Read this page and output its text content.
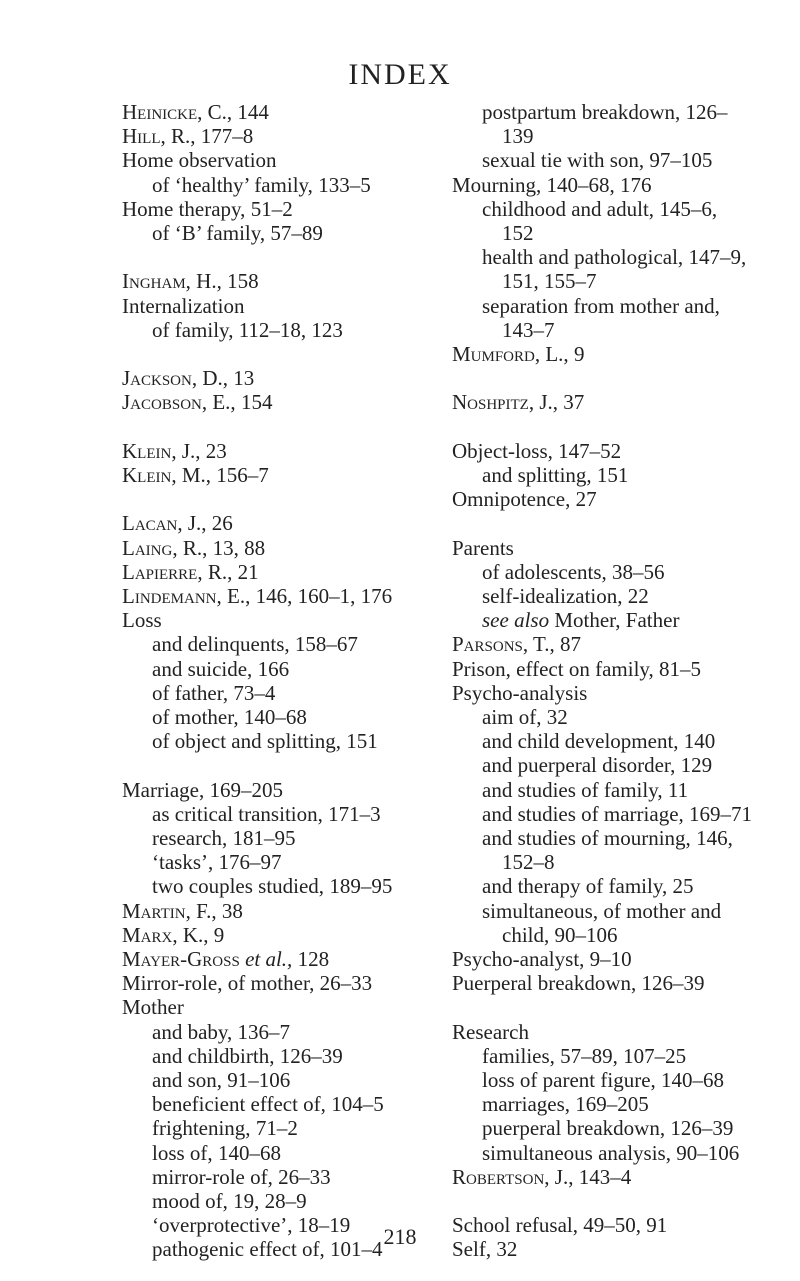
INDEX
Heinicke, C., 144
Hill, R., 177–8
Home observation
of ‘healthy’ family, 133–5
Home therapy, 51–2
of ‘B’ family, 57–89
Ingham, H., 158
Internalization
of family, 112–18, 123
Jackson, D., 13
Jacobson, E., 154
Klein, J., 23
Klein, M., 156–7
Lacan, J., 26
Laing, R., 13, 88
Lapierre, R., 21
Lindemann, E., 146, 160–1, 176
Loss
and delinquents, 158–67
and suicide, 166
of father, 73–4
of mother, 140–68
of object and splitting, 151
Marriage, 169–205
as critical transition, 171–3
research, 181–95
‘tasks’, 176–97
two couples studied, 189–95
Martin, F., 38
Marx, K., 9
Mayer-Gross et al., 128
Mirror-role, of mother, 26–33
Mother
and baby, 136–7
and childbirth, 126–39
and son, 91–106
beneficient effect of, 104–5
frightening, 71–2
loss of, 140–68
mirror-role of, 26–33
mood of, 19, 28–9
‘overprotective’, 18–19
pathogenic effect of, 101–4
postpartum breakdown, 126–
139
sexual tie with son, 97–105
Mourning, 140–68, 176
childhood and adult, 145–6,
152
health and pathological, 147–9,
151, 155–7
separation from mother and,
143–7
Mumford, L., 9
Noshpitz, J., 37
Object-loss, 147–52
and splitting, 151
Omnipotence, 27
Parents
of adolescents, 38–56
self-idealization, 22
see also Mother, Father
Parsons, T., 87
Prison, effect on family, 81–5
Psycho-analysis
aim of, 32
and child development, 140
and puerperal disorder, 129
and studies of family, 11
and studies of marriage, 169–71
and studies of mourning, 146,
152–8
and therapy of family, 25
simultaneous, of mother and
child, 90–106
Psycho-analyst, 9–10
Puerperal breakdown, 126–39
Research
families, 57–89, 107–25
loss of parent figure, 140–68
marriages, 169–205
puerperal breakdown, 126–39
simultaneous analysis, 90–106
Robertson, J., 143–4
School refusal, 49–50, 91
Self, 32
218
